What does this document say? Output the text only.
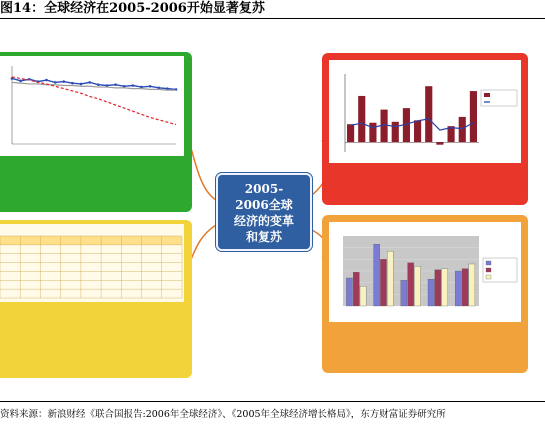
图14：全球经济在2005-2006开始显著复苏
2005-
2006全球
经济的变革
和复苏
资料来源：新浪财经《联合国报告:2006年全球经济》、《2005年全球经济增长格局》，东方财富证券研究所
